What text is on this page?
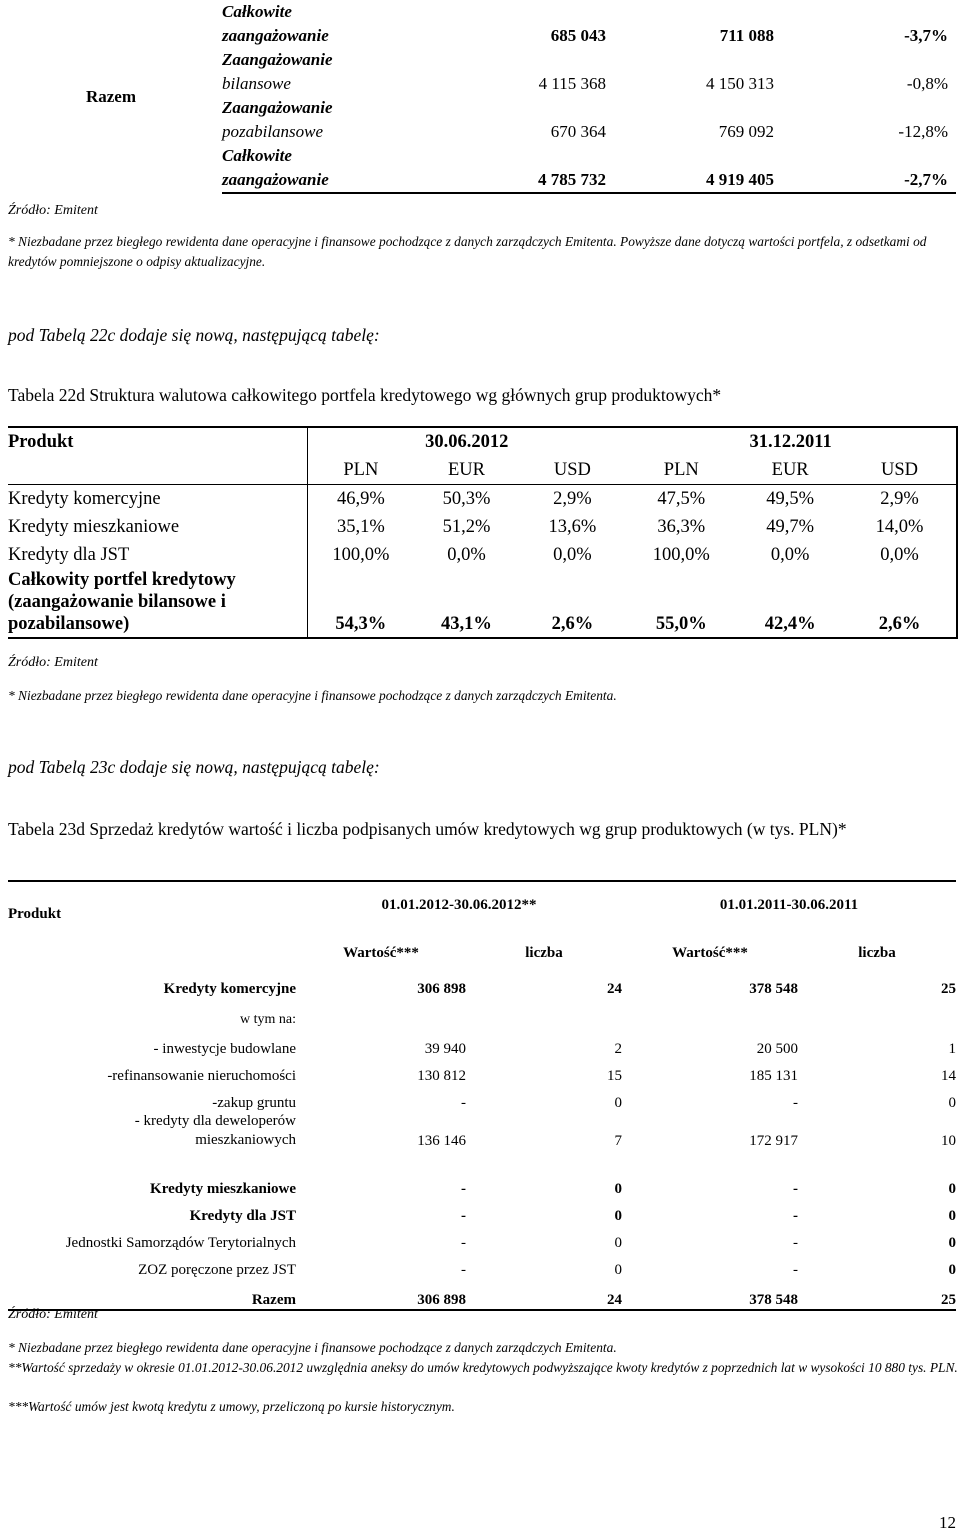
Razem	Całkowite
zaangażowanie	685 043	711 088	-3,7%

	Zaangażowanie
bilansowe	4 115 368	4 150 313	-0,8%

	Zaangażowanie
pozabilansowe	670 364	769 092	-12,8%

	Całkowite
zaangażowanie	4 785 732	4 919 405	-2,7%
Źródło: Emitent
* Niezbadane przez biegłego rewidenta dane operacyjne i finansowe pochodzące z danych zarządczych Emitenta. Powyższe dane dotyczą wartości portfela, z odsetkami od kredytów pomniejszone o odpisy aktualizacyjne.
pod Tabelą 22c dodaje się nową, następującą tabelę:
Tabela 22d Struktura walutowa całkowitego portfela kredytowego wg głównych grup produktowych*
Produkt	30.06.2012			31.12.2011		
	PLN	EUR	USD	PLN	EUR	USD
Kredyty komercyjne	46,9%	50,3%	2,9%	47,5%	49,5%	2,9%
Kredyty mieszkaniowe	35,1%	51,2%	13,6%	36,3%	49,7%	14,0%
Kredyty dla JST	100,0%	0,0%	0,0%	100,0%	0,0%	0,0%

Całkowity portfel kredytowy
(zaangażowanie bilansowe i
pozabilansowe)	54,3%	43,1%	2,6%	55,0%	42,4%	2,6%
Źródło: Emitent
* Niezbadane przez biegłego rewidenta dane operacyjne i finansowe pochodzące z danych zarządczych Emitenta.
pod Tabelą 23c dodaje się nową, następującą tabelę:
Tabela 23d Sprzedaż kredytów wartość i liczba podpisanych umów kredytowych wg grup produktowych (w tys. PLN)*
Produkt	01.01.2012-30.06.2012**		01.01.2011-30.06.2011	

	Wartość***	liczba	Wartość***	liczba
Kredyty komercyjne	306 898	24	378 548	25
w tym na:				
- inwestycje budowlane	39 940	2	20 500	1
-refinansowanie nieruchomości	130 812	15	185 131	14
-zakup gruntu	-	0	-	0

- kredyty dla deweloperów
mieszkaniowych	136 146	7	172 917	10
Kredyty mieszkaniowe	-	0	-	0
Kredyty dla JST	-	0	-	0
Jednostki Samorządów Terytorialnych	-	0	-	0
ZOZ poręczone przez JST	-	0	-	0
Razem	306 898	24	378 548	25
Źródło: Emitent
* Niezbadane przez biegłego rewidenta dane operacyjne i finansowe pochodzące z danych zarządczych Emitenta.
**Wartość sprzedaży w okresie 01.01.2012-30.06.2012 uwzględnia aneksy do umów kredytowych podwyższające kwoty kredytów z poprzednich lat w wysokości 10 880 tys. PLN.
***Wartość umów jest kwotą kredytu z umowy, przeliczoną po kursie historycznym.
12
